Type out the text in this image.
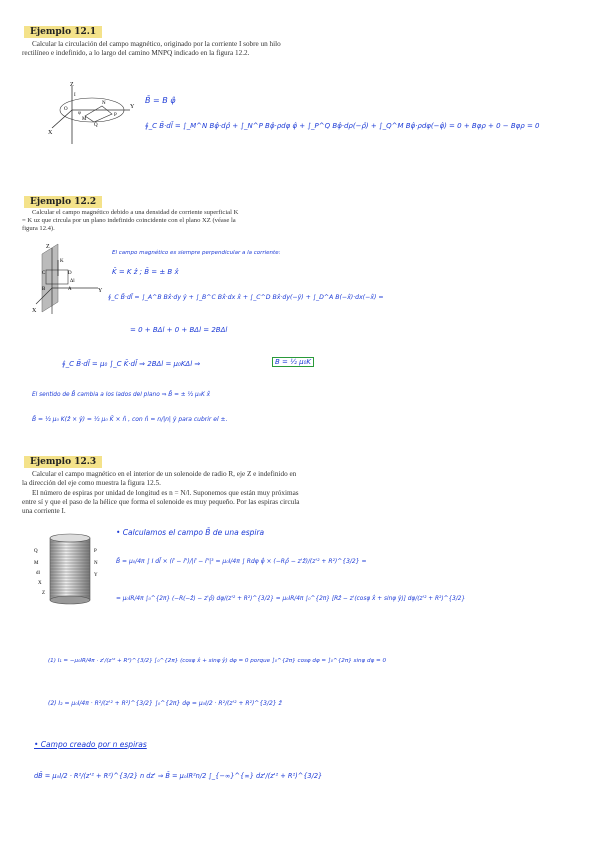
Ejemplo 12.1
Calcular la circulación del campo magnético, originado por la corriente I sobre un hilo rectilíneo e indefinido, a lo largo del camino MNPQ indicado en la figura 12.2.
Z
X
Y
M
N
P
Q
O
I
φ
B̄ = B φ̂
∮_C B̄·dl̄ = ∫_M^N Bφ̂·dρ̂ + ∫_N^P Bφ̂·ρdφ φ̂ + ∫_P^Q Bφ̂·dρ(−ρ̂) + ∫_Q^M Bφ̂·ρdφ(−φ̂) = 0 + Bφρ + 0 − Bφρ = 0
Ejemplo 12.2
Calcular el campo magnético debido a una densidad de corriente superficial K = K uz que circula por un plano indefinido coincidente con el plano XZ (véase la figura 12.4).
Z
X
Y
A
B
C	D
K
Δl
El campo magnético es siempre perpendicular a la corriente:
K̄ = K ẑ ; B̄ = ± B x̂
∮_C B̄·dl̄ = ∫_A^B Bx̂·dy ŷ + ∫_B^C Bx̂·dx x̂ + ∫_C^D Bx̂·dy(−ŷ) + ∫_D^A B(−x̂)·dx(−x̂) =
= 0 + BΔl + 0 + BΔl = 2BΔl
∮_C B̄·dl̄ = μ₀ ∫_C K̄·dl̄ ⇒ 2BΔl = μ₀KΔl ⇒	B = ½ μ₀K
El sentido de B̄ cambia a los lados del plano ⇒ B̄ = ± ½ μ₀K x̂
B̄ = ½ μ₀ K(ẑ × ŷ) = ½ μ₀ K̄ × n̂ , con n̂ = n/|n| ŷ para cubrir el ±.
Ejemplo 12.3
Calcular el campo magnético en el interior de un solenoide de radio R, eje Z e indefinido en la dirección del eje como muestra la figura 12.5.
El número de espiras por unidad de longitud es n = N/l. Suponemos que están muy próximas entre sí y que el paso de la hélice que forma el solenoide es muy pequeño. Por las espiras circula una corriente I.
Q
M
dl
X
P
N
Y
Z
• Calculamos el campo B̄ de una espira
B̄ = μ₀/4π ∫ I dl̄ × (r̄ − r̄')/|r̄ − r̄'|³ = μ₀I/4π ∫ Rdφ φ̂ × (−Rρ̂ − z'ẑ)/(z'² + R²)^{3/2} =
= μ₀IR/4π ∫₀^{2π} (−R(−ẑ) − z'ρ̂) dφ/(z'² + R²)^{3/2} = μ₀IR/4π ∫₀^{2π} [Rẑ − z'(cosφ x̂ + sinφ ŷ)] dφ/(z'² + R²)^{3/2}
(1) I₁ = −μ₀IR/4π · z'/(z'² + R²)^{3/2} ∫₀^{2π} (cosφ x̂ + sinφ ŷ) dφ = 0 porque ∫₀^{2π} cosφ dφ = ∫₀^{2π} sinφ dφ = 0
(2) I₂ = μ₀I/4π · R²/(z'² + R²)^{3/2} ∫₀^{2π} dφ = μ₀I/2 · R²/(z'² + R²)^{3/2} ẑ
• Campo creado por n espiras
dB̄ = μ₀I/2 · R²/(z'² + R²)^{3/2} n dz' ⇒ B̄ = μ₀IR²n/2 ∫_{−∞}^{∞} dz'/(z'² + R²)^{3/2}
